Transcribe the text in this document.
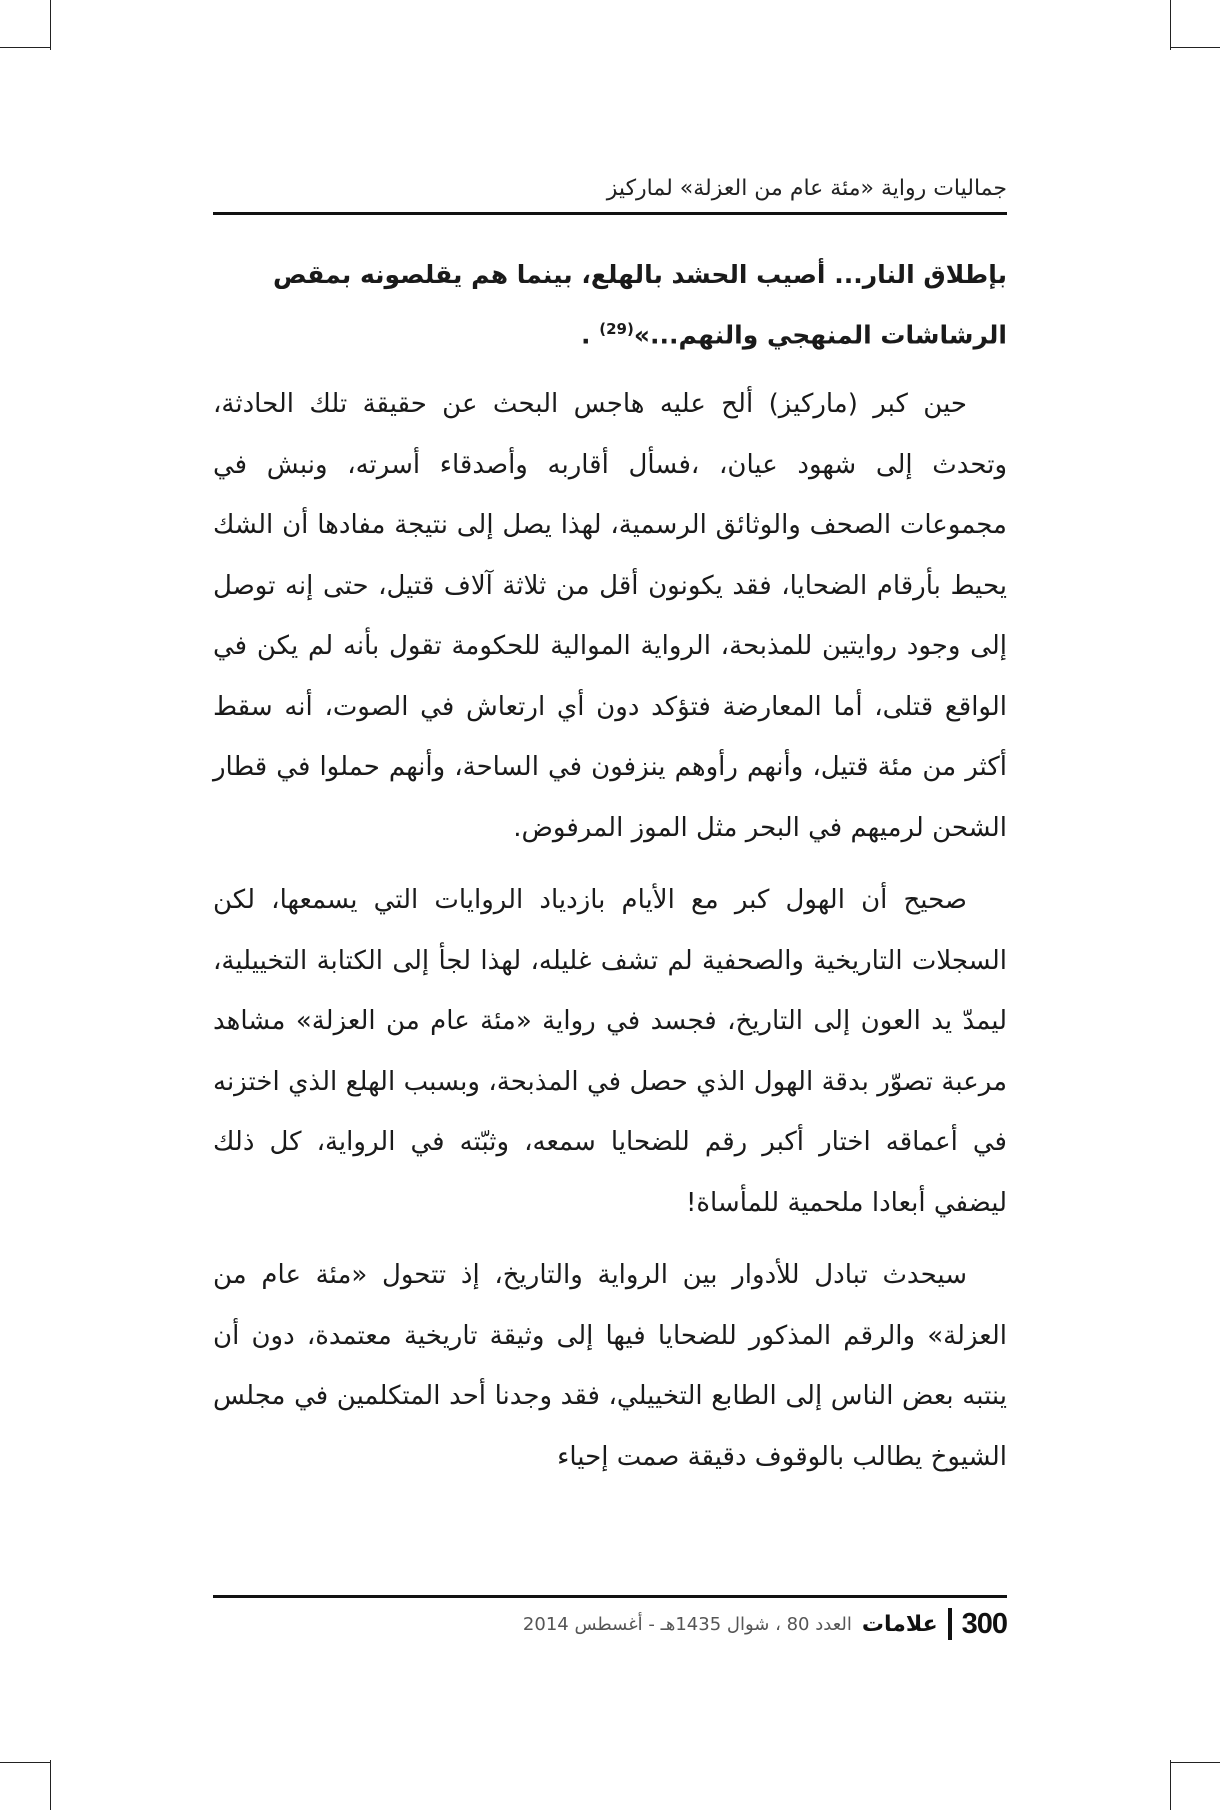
جماليات رواية «مئة عام من العزلة» لماركيز

بإطلاق النار... أصيب الحشد بالهلع، بينما هم يقلصونه بمقص
الرشاشات المنهجي والنهم...»$^{(29)}$ .

حين كبر (ماركيز) ألح عليه هاجس البحث عن حقيقة تلك الحادثة، وتحدث إلى شهود عيان، ،فسأل أقاربه وأصدقاء أسرته، ونبش في مجموعات الصحف والوثائق الرسمية، لهذا يصل إلى نتيجة مفادها أن الشك يحيط بأرقام الضحايا، فقد يكونون أقل من ثلاثة آلاف قتيل، حتى إنه توصل إلى وجود روايتين للمذبحة، الرواية الموالية للحكومة تقول بأنه لم يكن في الواقع قتلى، أما المعارضة فتؤكد دون أي ارتعاش في الصوت، أنه سقط أكثر من مئة قتيل، وأنهم رأوهم ينزفون في الساحة، وأنهم حملوا في قطار الشحن لرميهم في البحر مثل الموز المرفوض.

صحيح أن الهول كبر مع الأيام بازدياد الروايات التي يسمعها، لكن السجلات التاريخية والصحفية لم تشف غليله، لهذا لجأ إلى الكتابة التخييلية، ليمدّ يد العون إلى التاريخ، فجسد في رواية «مئة عام من العزلة» مشاهد مرعبة تصوّر بدقة الهول الذي حصل في المذبحة، وبسبب الهلع الذي اختزنه في أعماقه اختار أكبر رقم للضحايا سمعه، وثبّته في الرواية، كل ذلك ليضفي أبعادا ملحمية للمأساة!

سيحدث تبادل للأدوار بين الرواية والتاريخ، إذ تتحول «مئة عام من العزلة» والرقم المذكور للضحايا فيها إلى وثيقة تاريخية معتمدة، دون أن ينتبه بعض الناس إلى الطابع التخييلي، فقد وجدنا أحد المتكلمين في مجلس الشيوخ يطالب بالوقوف دقيقة صمت إحياء

300
علامات
العدد 80 ، شوال 1435هـ - أغسطس 2014
